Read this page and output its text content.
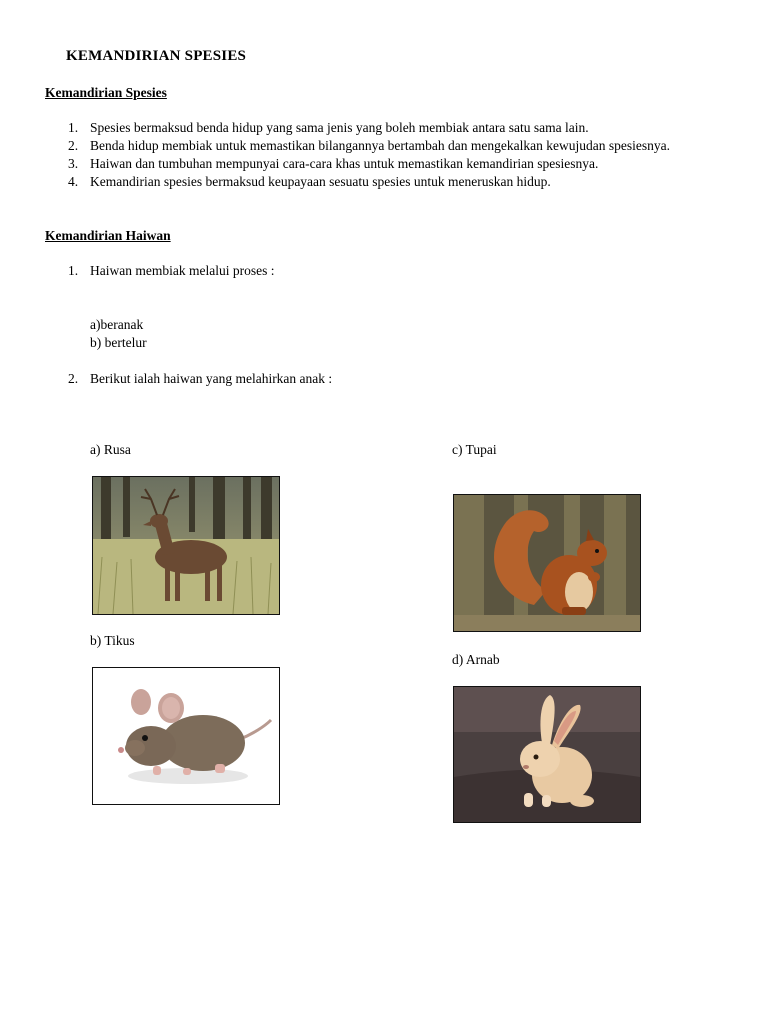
KEMANDIRIAN SPESIES
Kemandirian Spesies
1. Spesies bermaksud benda hidup yang sama jenis yang boleh membiak antara satu sama lain.
2. Benda hidup membiak untuk memastikan bilangannya bertambah dan mengekalkan kewujudan spesiesnya.
3. Haiwan dan tumbuhan mempunyai cara-cara khas untuk memastikan kemandirian spesiesnya.
4. Kemandirian spesies bermaksud keupayaan sesuatu spesies untuk meneruskan hidup.
Kemandirian Haiwan
1. Haiwan membiak melalui proses :
a)beranak
b) bertelur
2. Berikut ialah haiwan yang melahirkan anak :
a) Rusa	c) Tupai
b) Tikus
d) Arnab
